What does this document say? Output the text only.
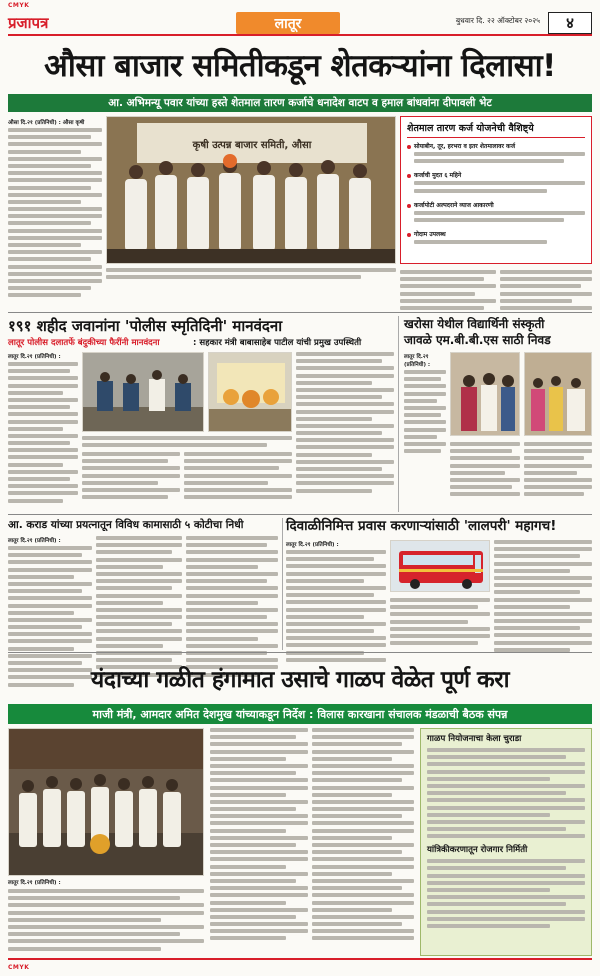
CMYK
CMYK
प्रजापत्र	लातूर	बुधवार दि. २२ ऑक्टोबर २०२५	४
औसा बाजार समितीकडून शेतकऱ्यांना दिलासा!
आ. अभिमन्यू पवार यांच्या हस्ते शेतमाल तारण कर्जाचे धनादेश वाटप व हमाल बांधवांना दीपावली भेट
औसा दि.२१ (प्रतिनिधी) : औसा कृषी
कृषी उत्पन्न बाजार समिती, औसा
शेतमाल तारण कर्ज योजनेची वैशिष्ट्ये
सोयाबीन, तूर, हरभरा व इतर शेतमालावर कर्ज
कर्जाची मुदत ६ महिने
कर्जापोटी अल्पदराने व्याज आकारणी
गोदाम उपलब्ध
१९१ शहीद जवानांना 'पोलीस स्मृतिदिनी' मानवंदना
लातूर पोलीस दलातर्फे बंदुकीच्या फैरींनी मानवंदना	: सहकार मंत्री बाबासाहेब पाटील यांची प्रमुख उपस्थिती
लातूर दि.२१ (प्रतिनिधी) :
खरोसा येथील विद्यार्थिनी संस्कृती
जावळे एम.बी.बी.एस साठी निवड
लातूर दि.२१ (प्रतिनिधी) :
आ. कराड यांच्या प्रयत्नातून विविध कामासाठी ५ कोटीचा निधी
लातूर दि.२१ (प्रतिनिधी) :
दिवाळीनिमित्त प्रवास करणाऱ्यांसाठी 'लालपरी' महागच!
लातूर दि.२१ (प्रतिनिधी) :
यंदाच्या गळीत हंगामात उसाचे गाळप वेळेत पूर्ण करा
माजी मंत्री, आमदार अमित देशमुख यांच्याकडून निर्देश : विलास कारखाना संचालक मंडळाची बैठक संपन्न
लातूर दि.२१ (प्रतिनिधी) :
गाळप नियोजनाचा केला चुराडा
यांत्रिकीकरणातून रोजगार निर्मिती
